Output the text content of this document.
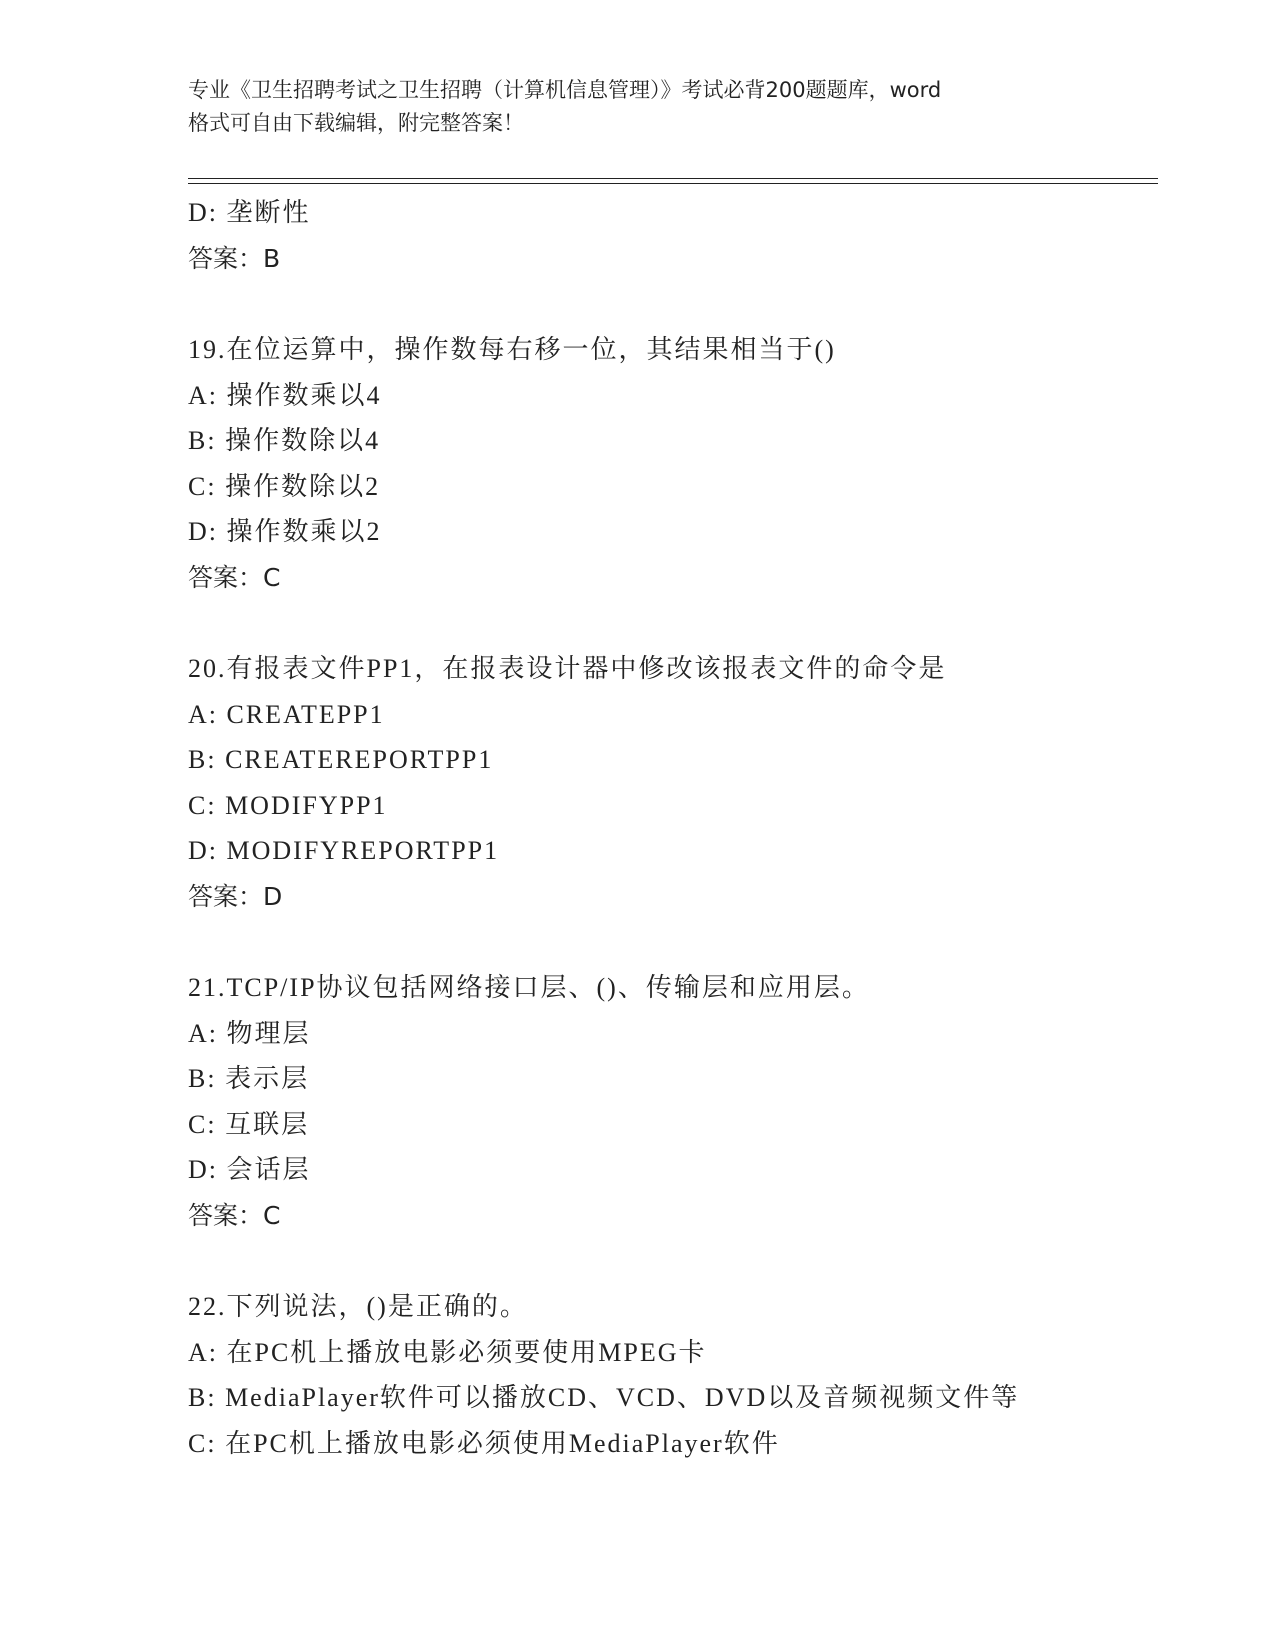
专业《卫生招聘考试之卫生招聘（计算机信息管理）》考试必背200题题库，word
格式可自由下载编辑，附完整答案！
D: 垄断性
答案：B
19.在位运算中，操作数每右移一位，其结果相当于()
A: 操作数乘以4
B: 操作数除以4
C: 操作数除以2
D: 操作数乘以2
答案：C
20.有报表文件PP1，在报表设计器中修改该报表文件的命令是
A: CREATEPP1
B: CREATEREPORTPP1
C: MODIFYPP1
D: MODIFYREPORTPP1
答案：D
21.TCP/IP协议包括网络接口层、()、传输层和应用层。
A: 物理层
B: 表示层
C: 互联层
D: 会话层
答案：C
22.下列说法，()是正确的。
A: 在PC机上播放电影必须要使用MPEG卡
B: MediaPlayer软件可以播放CD、VCD、DVD以及音频视频文件等
C: 在PC机上播放电影必须使用MediaPlayer软件
